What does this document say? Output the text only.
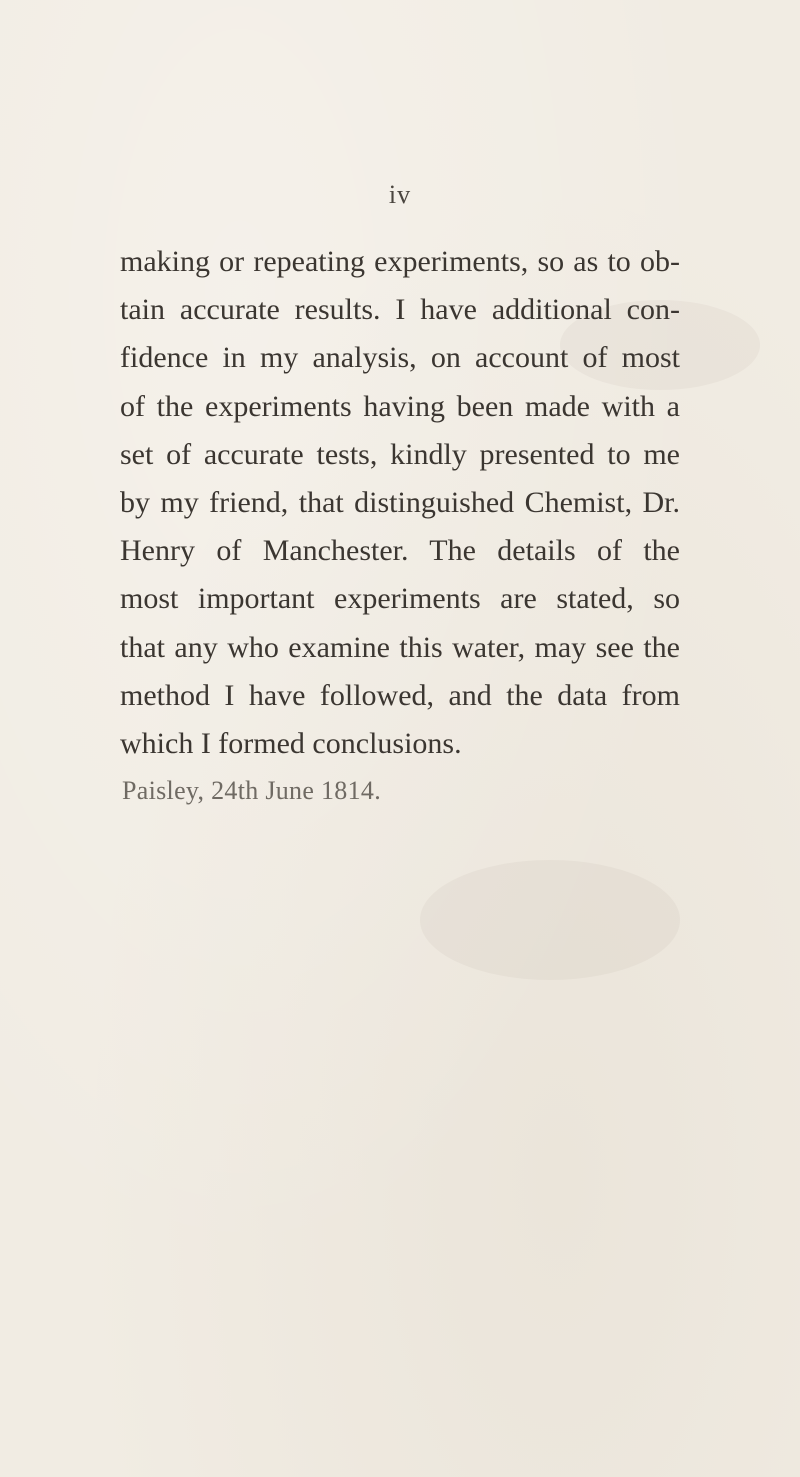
iv
making or repeating experiments, so as to ob-
tain accurate results. I have additional con-
fidence in my analysis, on account of most
of the experiments having been made with a
set of accurate tests, kindly presented to me
by my friend, that distinguished Chemist, Dr.
Henry of Manchester. The details of the
most important experiments are stated, so
that any who examine this water, may see the
method I have followed, and the data from
which I formed conclusions.
Paisley, 24th June 1814.
